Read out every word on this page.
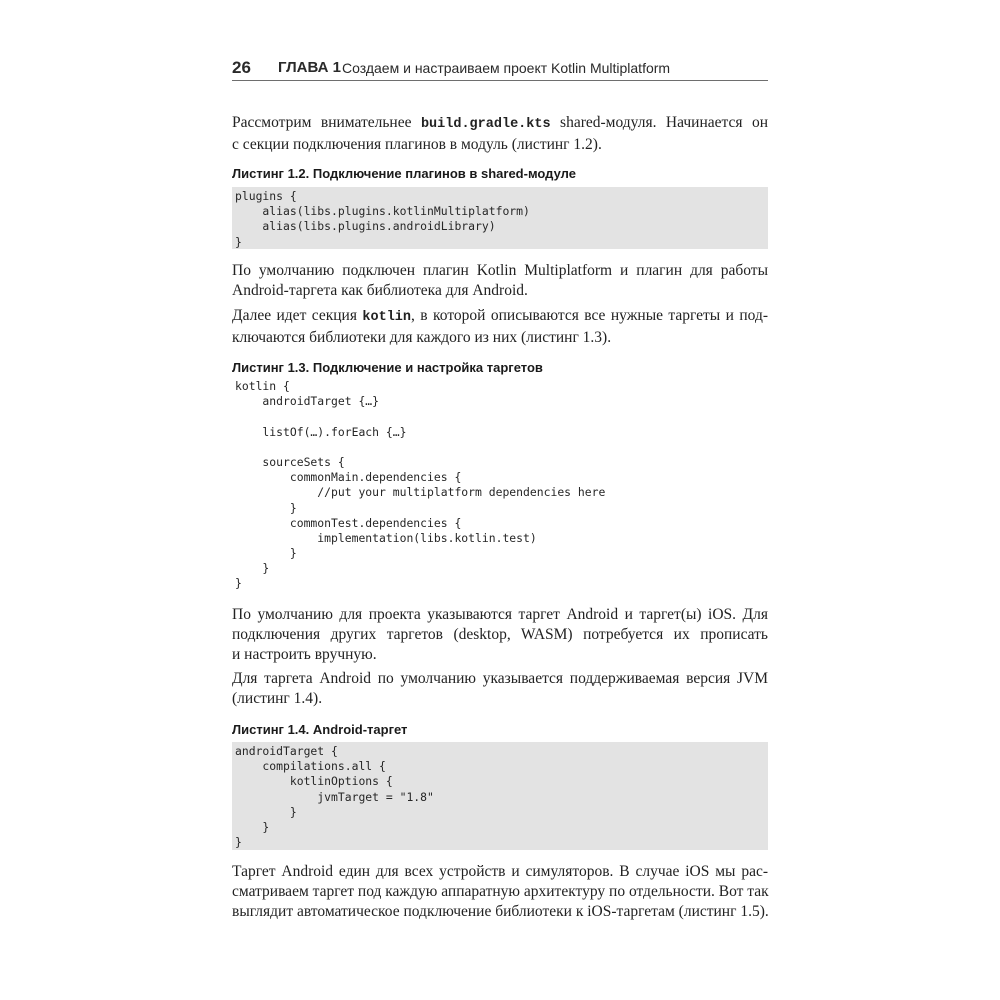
26 ГЛАВА 1 Создаем и настраиваем проект Kotlin Multiplatform

Рассмотрим внимательнее build.gradle.kts shared-модуля. Начинается он
с секции подключения плагинов в модуль (листинг 1.2).

Листинг 1.2. Подключение плагинов в shared-модуле
plugins {
alias(libs.plugins.kotlinMultiplatform)
alias(libs.plugins.androidLibrary)
}

По умолчанию подключен плагин Kotlin Multiplatform и плагин для работы
Android-таргета как библиотека для Android.

Далее идет секция kotlin, в которой описываются все нужные таргеты и под-
ключаются библиотеки для каждого из них (листинг 1.3).

Листинг 1.3. Подключение и настройка таргетов
kotlin {
androidTarget {…}
listOf(…).forEach {…}
sourceSets {
commonMain.dependencies {
//put your multiplatform dependencies here
}
commonTest.dependencies {
implementation(libs.kotlin.test)
}
}
}

По умолчанию для проекта указываются таргет Android и таргет(ы) iOS. Для
подключения других таргетов (desktop, WASM) потребуется их прописать
и настроить вручную.

Для таргета Android по умолчанию указывается поддерживаемая версия JVM
(листинг 1.4).

Листинг 1.4. Android-таргет
androidTarget {
compilations.all {
kotlinOptions {
jvmTarget = "1.8"
}
}
}

Таргет Android един для всех устройств и симуляторов. В случае iOS мы рас-
сматриваем таргет под каждую аппаратную архитектуру по отдельности. Вот так
выглядит автоматическое подключение библиотеки к iOS-таргетам (листинг 1.5).
